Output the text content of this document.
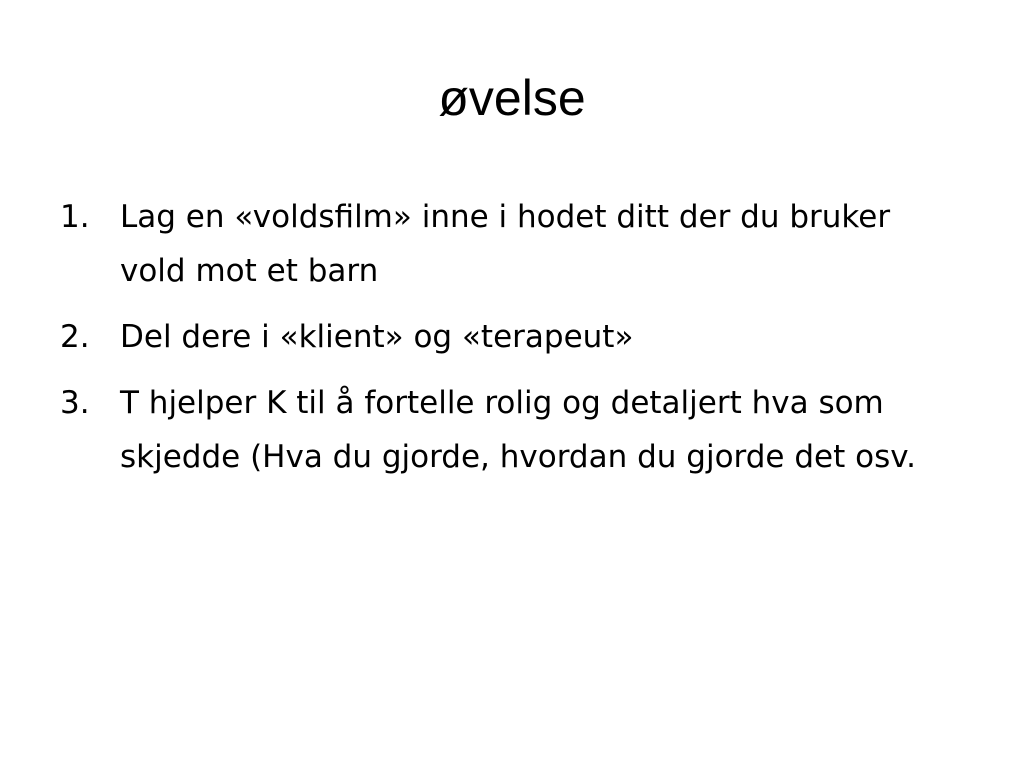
øvelse
1. Lag en «voldsfilm» inne i hodet ditt der du bruker vold mot et barn
2. Del dere i «klient» og «terapeut»
3. T hjelper K til å fortelle rolig og detaljert hva som skjedde (Hva du gjorde, hvordan du gjorde det osv.
